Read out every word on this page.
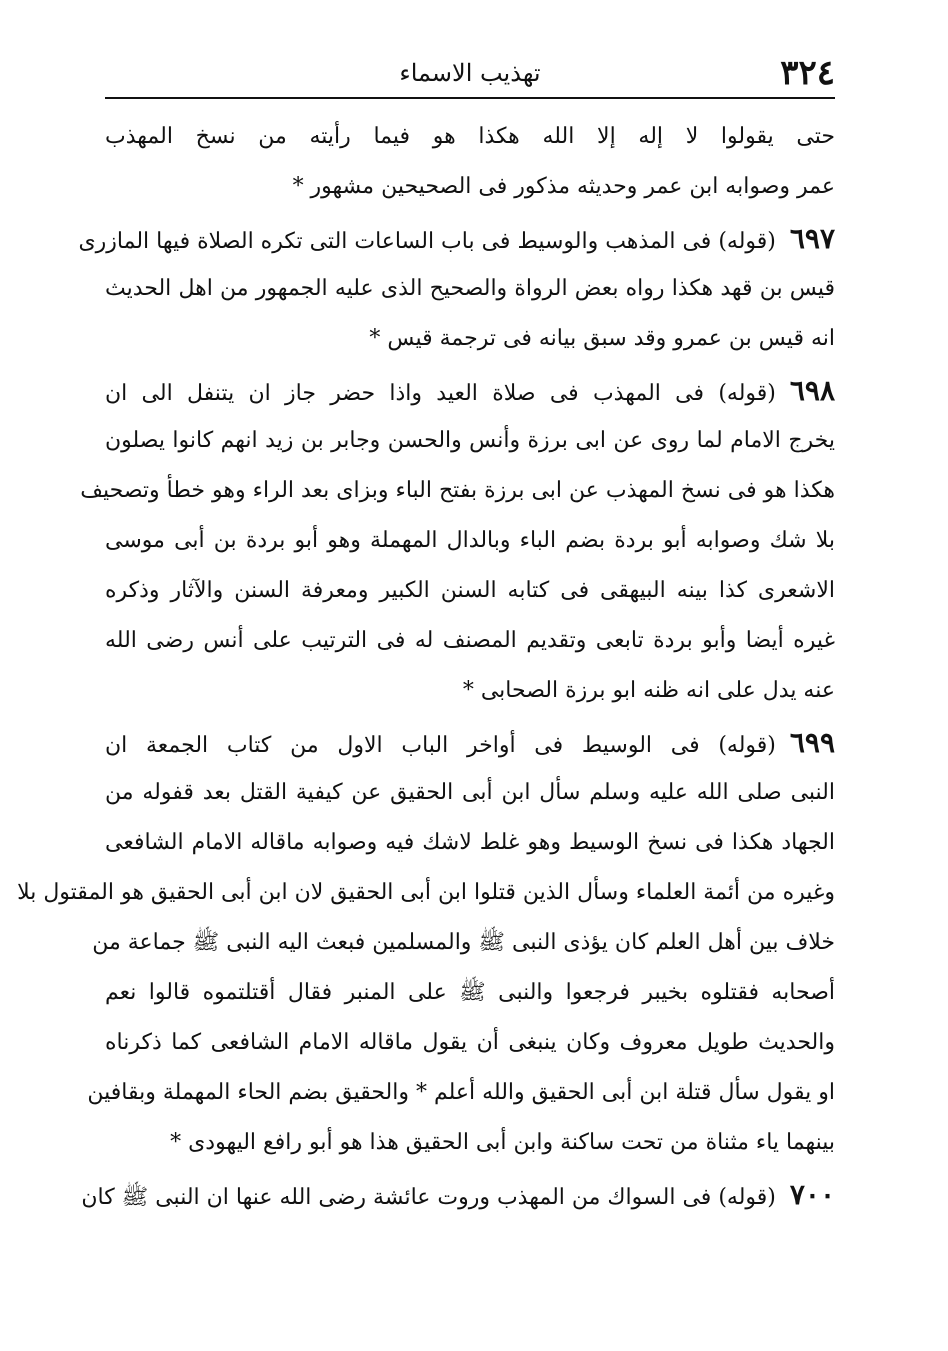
٣٢٤
تهذيب الاسماء
حتى يقولوا لا إله إلا الله هكذا هو فيما رأيته من نسخ المهذب
عمر وصوابه ابن عمر وحديثه مذكور فى الصحيحين مشهور *
٦٩٧(قوله) فى المذهب والوسيط فى باب الساعات التى تكره الصلاة فيها المازرى
قيس بن قهد هكذا رواه بعض الرواة والصحيح الذى عليه الجمهور من اهل الحديث
انه قيس بن عمرو وقد سبق بيانه فى ترجمة قيس *
٦٩٨(قوله) فى المهذب فى صلاة العيد واذا حضر جاز ان يتنفل الى ان
يخرج الامام لما روى عن ابى برزة وأنس والحسن وجابر بن زيد انهم كانوا يصلون
هكذا هو فى نسخ المهذب عن ابى برزة بفتح الباء وبزاى بعد الراء وهو خطأ وتصحيف
بلا شك وصوابه أبو بردة بضم الباء وبالدال المهملة وهو أبو بردة بن أبى موسى
الاشعرى كذا بينه البيهقى فى كتابه السنن الكبير ومعرفة السنن والآثار وذكره
غيره أيضا وأبو بردة تابعى وتقديم المصنف له فى الترتيب على أنس رضى الله
عنه يدل على انه ظنه ابو برزة الصحابى *
٦٩٩(قوله) فى الوسيط فى أواخر الباب الاول من كتاب الجمعة ان
النبى صلى الله عليه وسلم سأل ابن أبى الحقيق عن كيفية القتل بعد قفوله من
الجهاد هكذا فى نسخ الوسيط وهو غلط لاشك فيه وصوابه ماقاله الامام الشافعى
وغيره من أئمة العلماء وسأل الذين قتلوا ابن أبى الحقيق لان ابن أبى الحقيق هو المقتول بلا
خلاف بين أهل العلم كان يؤذى النبى ﷺ والمسلمين فبعث اليه النبى ﷺ جماعة من
أصحابه فقتلوه بخيبر فرجعوا والنبى ﷺ على المنبر فقال أقتلتموه قالوا نعم
والحديث طويل معروف وكان ينبغى أن يقول ماقاله الامام الشافعى كما ذكرناه
او يقول سأل قتلة ابن أبى الحقيق والله أعلم * والحقيق بضم الحاء المهملة وبقافين
بينهما ياء مثناة من تحت ساكنة وابن أبى الحقيق هذا هو أبو رافع اليهودى *
٧٠٠(قوله) فى السواك من المهذب وروت عائشة رضى الله عنها ان النبى ﷺ كان
